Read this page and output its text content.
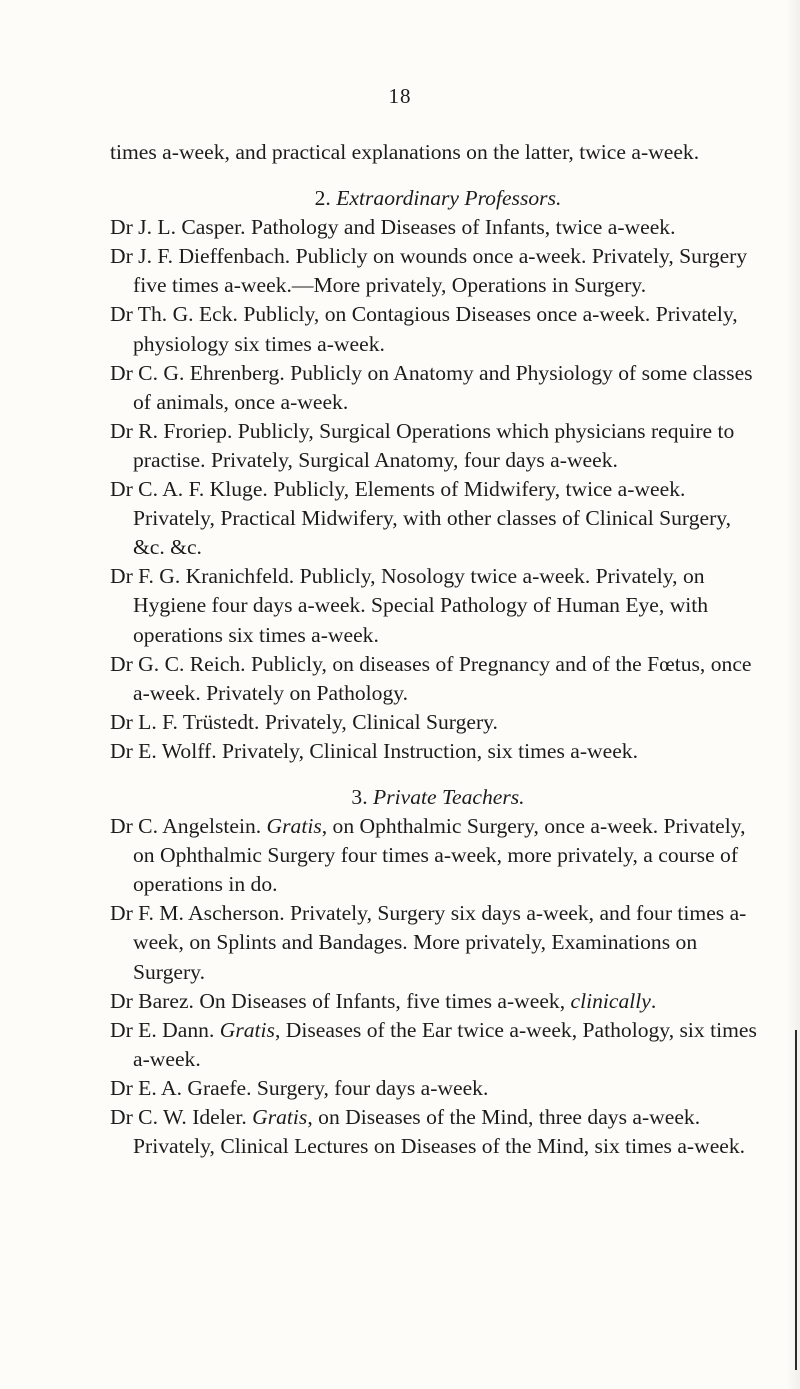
18

times a-week, and practical explanations on the latter, twice a-week.

2. Extraordinary Professors.

Dr J. L. Casper. Pathology and Diseases of Infants, twice a-week.

Dr J. F. Dieffenbach. Publicly on wounds once a-week. Privately, Surgery five times a-week.—More privately, Operations in Surgery.

Dr Th. G. Eck. Publicly, on Contagious Diseases once a-week. Privately, physiology six times a-week.

Dr C. G. Ehrenberg. Publicly on Anatomy and Physiology of some classes of animals, once a-week.

Dr R. Froriep. Publicly, Surgical Operations which physicians require to practise. Privately, Surgical Anatomy, four days a-week.

Dr C. A. F. Kluge. Publicly, Elements of Midwifery, twice a-week. Privately, Practical Midwifery, with other classes of Clinical Surgery, &c. &c.

Dr F. G. Kranichfeld. Publicly, Nosology twice a-week. Privately, on Hygiene four days a-week. Special Pathology of Human Eye, with operations six times a-week.

Dr G. C. Reich. Publicly, on diseases of Pregnancy and of the Fœtus, once a-week. Privately on Pathology.

Dr L. F. Trüstedt. Privately, Clinical Surgery.

Dr E. Wolff. Privately, Clinical Instruction, six times a-week.

3. Private Teachers.

Dr C. Angelstein. Gratis, on Ophthalmic Surgery, once a-week. Privately, on Ophthalmic Surgery four times a-week, more privately, a course of operations in do.

Dr F. M. Ascherson. Privately, Surgery six days a-week, and four times a-week, on Splints and Bandages. More privately, Examinations on Surgery.

Dr Barez. On Diseases of Infants, five times a-week, clinically.

Dr E. Dann. Gratis, Diseases of the Ear twice a-week, Pathology, six times a-week.

Dr E. A. Graefe. Surgery, four days a-week.

Dr C. W. Ideler. Gratis, on Diseases of the Mind, three days a-week. Privately, Clinical Lectures on Diseases of the Mind, six times a-week.
